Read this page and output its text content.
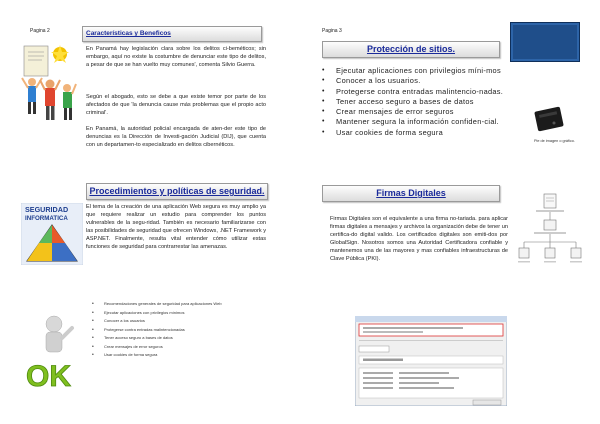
Pagina 2	Características y Beneficos

En Panamá hay legislación clara sobre los delitos ci-beméticos; sin embargo, aquí no existe la costumbre de denunciar este tipo de delitos, a pesar de que se han vuelto muy comunes', comenta Silvio Guerra.

Según el abogado, esto se debe a que existe temor por parte de los afectados de que 'la denuncia cause más problemas que el propio acto criminal'.

En Panamá, la autoridad policial encargada de aten-der este tipo de denuncias es la Dirección de Investi-gación Judicial (DIJ), que cuenta con un departamen-to especializado en delitos cibernéticos.

Procedimientos y políticas de seguridad.
SEGURIDAD
INFORMATICA

El tema de la creación de una aplicación Web segura es muy amplio ya que requiere realizar un estudio para comprender los puntos vulnerables de la segu-ridad. También es necesario familiarizarse con las posibilidades de seguridad que ofrecen Windows, .NET Framework y ASP.NET. Finalmente, resulta vital entender cómo utilizar estas funciones de seguridad para contrarrestar las amenazas.

OK
• Recomendaciones generales de seguridad para aplicaciones Web
• Ejecutar aplicaciones con privilegios mínimos
• Conocer a los usuarios
• Protegerse contra entradas malintencionadas
• Tener acceso seguro a bases de datos
• Crear mensajes de error seguros
• Usar cookies de forma segura
Pagina 3
Protección de sitios.
• Ejecutar aplicaciones con privilegios míni-mos
• Conocer a los usuarios.
• Protegerse contra entradas malintencio-nadas.
• Tener acceso seguro a bases de datos
• Crear mensajes de error seguros
• Mantener segura la información confiden-cial.
• Usar cookies de forma segura
Pie de imagen o gráfico.
Firmas Digitales

Firmas Digitales son el equivalente a una firma no-tariada. para aplicar firmas digitales a mensajes y archivos la organización debe de tener un certifica-do digital valido. Los certificados digitales son emiti-dos por GlobalSign. Nosotros somos una Autoridad Certificadora confiable y mantenemos una de las mayores y mas confiables infraestructuras de Clave Pública (PKI).
